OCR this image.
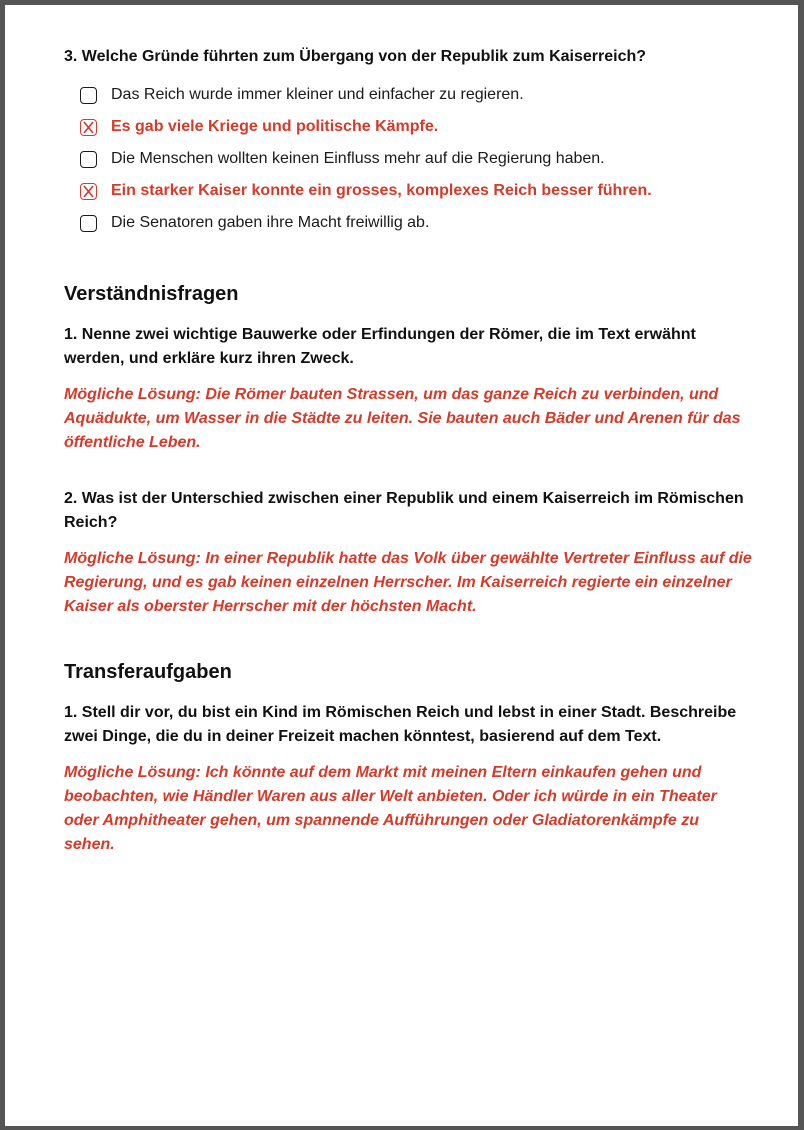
3. Welche Gründe führten zum Übergang von der Republik zum Kaiserreich?

Das Reich wurde immer kleiner und einfacher zu regieren.
Es gab viele Kriege und politische Kämpfe.
Die Menschen wollten keinen Einfluss mehr auf die Regierung haben.
Ein starker Kaiser konnte ein grosses, komplexes Reich besser führen.
Die Senatoren gaben ihre Macht freiwillig ab.
Verständnisfragen

1. Nenne zwei wichtige Bauwerke oder Erfindungen der Römer, die im Text erwähnt werden, und erkläre kurz ihren Zweck.

Mögliche Lösung: Die Römer bauten Strassen, um das ganze Reich zu verbinden, und Aquädukte, um Wasser in die Städte zu leiten. Sie bauten auch Bäder und Arenen für das öffentliche Leben.

2. Was ist der Unterschied zwischen einer Republik und einem Kaiserreich im Römischen Reich?

Mögliche Lösung: In einer Republik hatte das Volk über gewählte Vertreter Einfluss auf die Regierung, und es gab keinen einzelnen Herrscher. Im Kaiserreich regierte ein einzelner Kaiser als oberster Herrscher mit der höchsten Macht.

Transferaufgaben

1. Stell dir vor, du bist ein Kind im Römischen Reich und lebst in einer Stadt. Beschreibe zwei Dinge, die du in deiner Freizeit machen könntest, basierend auf dem Text.

Mögliche Lösung: Ich könnte auf dem Markt mit meinen Eltern einkaufen gehen und beobachten, wie Händler Waren aus aller Welt anbieten. Oder ich würde in ein Theater oder Amphitheater gehen, um spannende Aufführungen oder Gladiatorenkämpfe zu sehen.
